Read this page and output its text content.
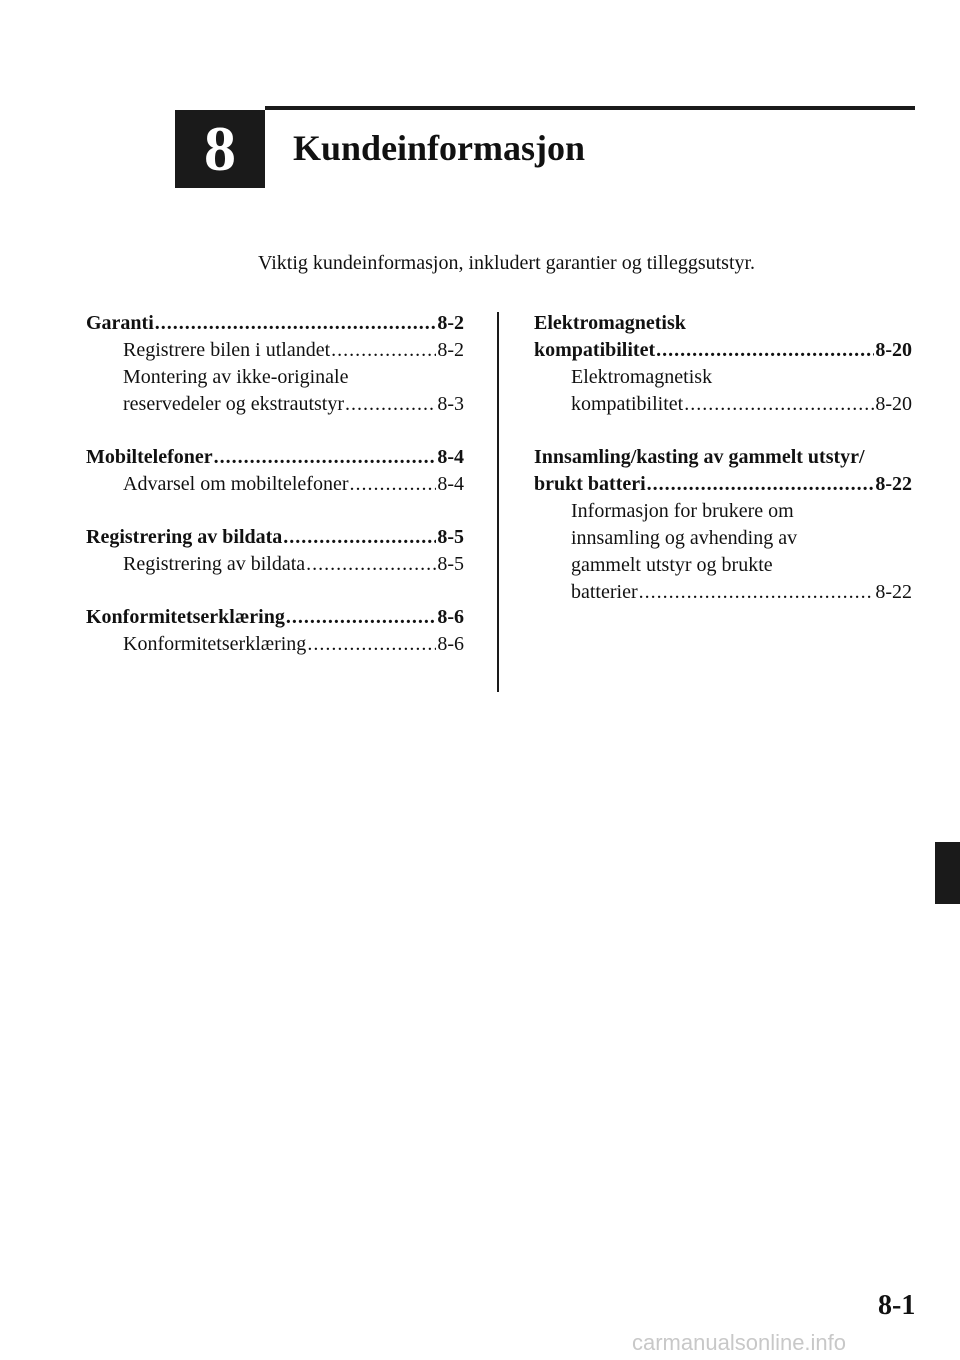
8 Kundeinformasjon
Viktig kundeinformasjon, inkludert garantier og tilleggsutstyr.
Garanti .....	8-2
Registrere bilen i utlandet .....	8-2
Montering av ikke-originale
reservedeler og ekstrautstyr .....	8-3
Mobiltelefoner .....	8-4
Advarsel om mobiltelefoner .....	8-4
Registrering av bildata .....	8-5
Registrering av bildata .....	8-5
Konformitetserklæring .....	8-6
Konformitetserklæring .....	8-6
Elektromagnetisk
kompatibilitet .....	8-20
Elektromagnetisk
kompatibilitet .....	8-20
Innsamling/kasting av gammelt utstyr/
brukt batteri .....	8-22
Informasjon for brukere om
innsamling og avhending av
gammelt utstyr og brukte
batterier .....	8-22
8-1
carmanualsonline.info
